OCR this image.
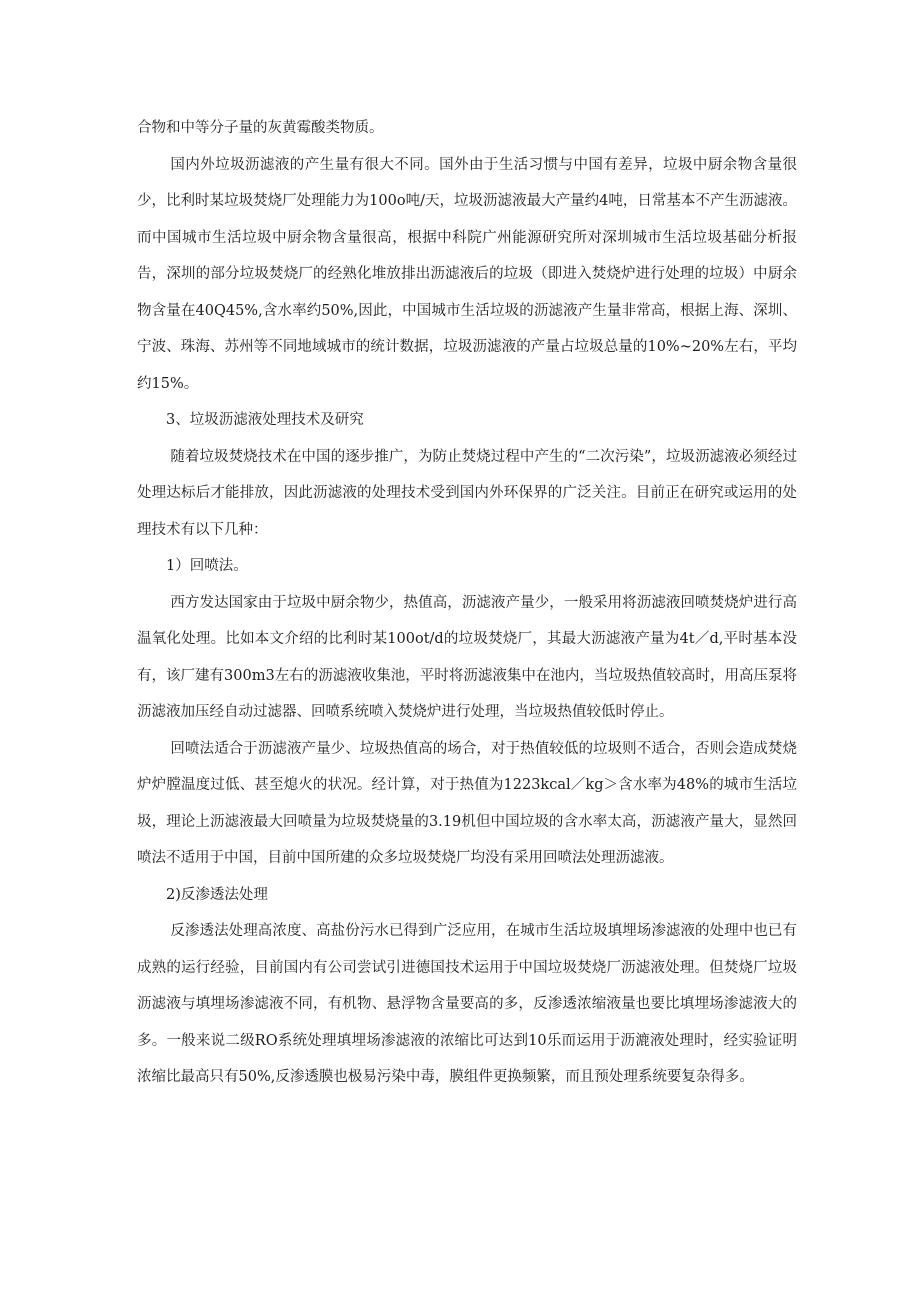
合物和中等分子量的灰黄霉酸类物质。

国内外垃圾沥滤液的产生量有很大不同。国外由于生活习惯与中国有差异，垃圾中厨余物含量很少，比利时某垃圾焚烧厂处理能力为100o吨/天，垃圾沥滤液最大产量约4吨，日常基本不产生沥滤液。而中国城市生活垃圾中厨余物含量很高，根据中科院广州能源研究所对深圳城市生活垃圾基础分析报告，深圳的部分垃圾焚烧厂的经熟化堆放排出沥滤液后的垃圾（即进入焚烧炉进行处理的垃圾）中厨余物含量在40Q45%,含水率约50%,因此，中国城市生活垃圾的沥滤液产生量非常高，根据上海、深圳、宁波、珠海、苏州等不同地域城市的统计数据，垃圾沥滤液的产量占垃圾总量的10%~20%左右，平均约15%。

3、垃圾沥滤液处理技术及研究

随着垃圾焚烧技术在中国的逐步推广，为防止焚烧过程中产生的“二次污染”，垃圾沥滤液必须经过处理达标后才能排放，因此沥滤液的处理技术受到国内外环保界的广泛关注。目前正在研究或运用的处理技术有以下几种：

1）回喷法。

西方发达国家由于垃圾中厨余物少，热值高，沥滤液产量少，一般采用将沥滤液回喷焚烧炉进行高温氧化处理。比如本文介绍的比利时某100ot/d的垃圾焚烧厂，其最大沥滤液产量为4t／d,平时基本没有，该厂建有300m3左右的沥滤液收集池，平时将沥滤液集中在池内，当垃圾热值较高时，用高压泵将沥滤液加压经自动过滤器、回喷系统喷入焚烧炉进行处理，当垃圾热值较低时停止。

回喷法适合于沥滤液产量少、垃圾热值高的场合，对于热值较低的垃圾则不适合，否则会造成焚烧炉炉膛温度过低、甚至熄火的状况。经计算，对于热值为1223kcal／kg＞含水率为48%的城市生活垃圾，理论上沥滤液最大回喷量为垃圾焚烧量的3.19机但中国垃圾的含水率太高，沥滤液产量大，显然回喷法不适用于中国，目前中国所建的众多垃圾焚烧厂均没有采用回喷法处理沥滤液。

2)反渗透法处理

反渗透法处理高浓度、高盐份污水已得到广泛应用，在城市生活垃圾填埋场渗滤液的处理中也已有成熟的运行经验，目前国内有公司尝试引进德国技术运用于中国垃圾焚烧厂沥滤液处理。但焚烧厂垃圾沥滤液与填埋场渗滤液不同，有机物、悬浮物含量要高的多，反渗透浓缩液量也要比填埋场渗滤液大的多。一般来说二级RO系统处理填埋场渗滤液的浓缩比可达到10乐而运用于沥漉液处理时，经实验证明浓缩比最高只有50%,反渗透膜也极易污染中毒，膜组件更换频繁，而且预处理系统要复杂得多。
